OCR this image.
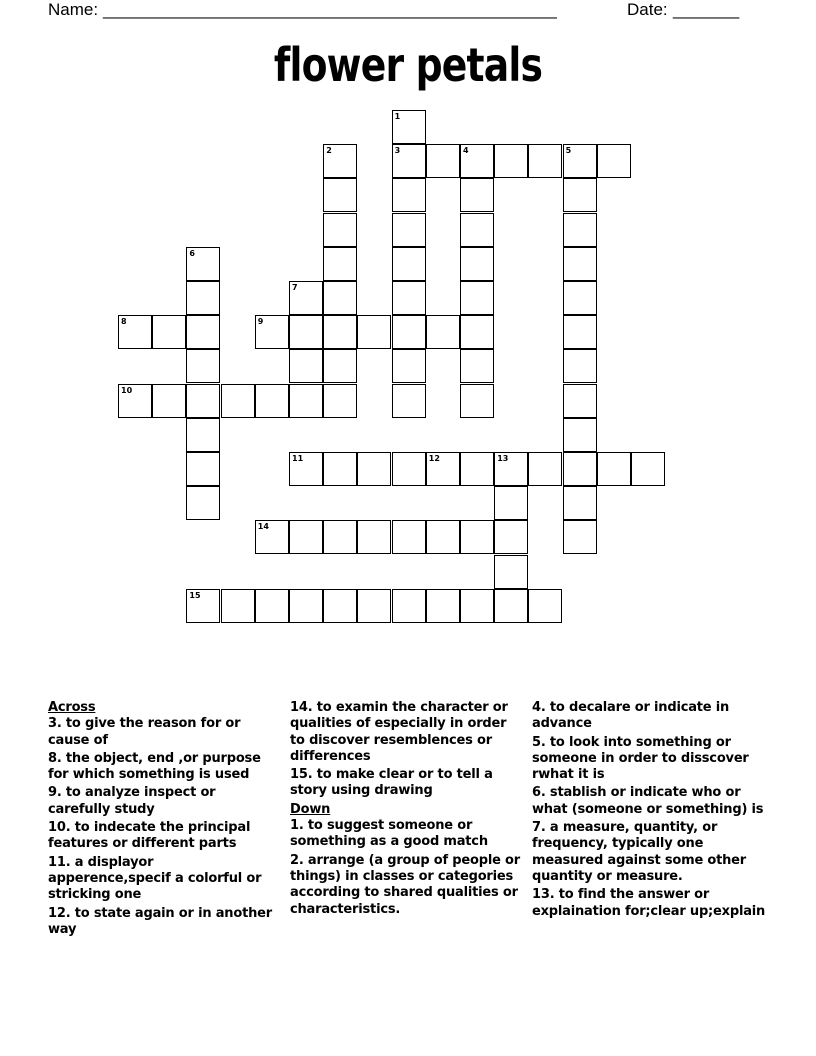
Name: ________________________________________________	Date: _______
flower petals
1
3
2	4	5
6
7
8	9
10
11	12	13
14
15
Across
3. to give the reason for or cause of
8. the object, end ,or purpose for which something is used
9. to analyze inspect or carefully study
10. to indecate the principal features or different parts
11. a displayor apperence,specif a colorful or stricking one
12. to state again or in another way
14. to examin the character or qualities of especially in order to discover resemblences or differences
15. to make clear or to tell a story using drawing
Down
1. to suggest someone or something as a good match
2. arrange (a group of people or things) in classes or categories according to shared qualities or characteristics.
4. to decalare or indicate in advance
5. to look into something or someone in order to disscover rwhat it is
6. stablish or indicate who or what (someone or something) is
7. a measure, quantity, or frequency, typically one measured against some other quantity or measure.
13. to find the answer or explaination for;clear up;explain
